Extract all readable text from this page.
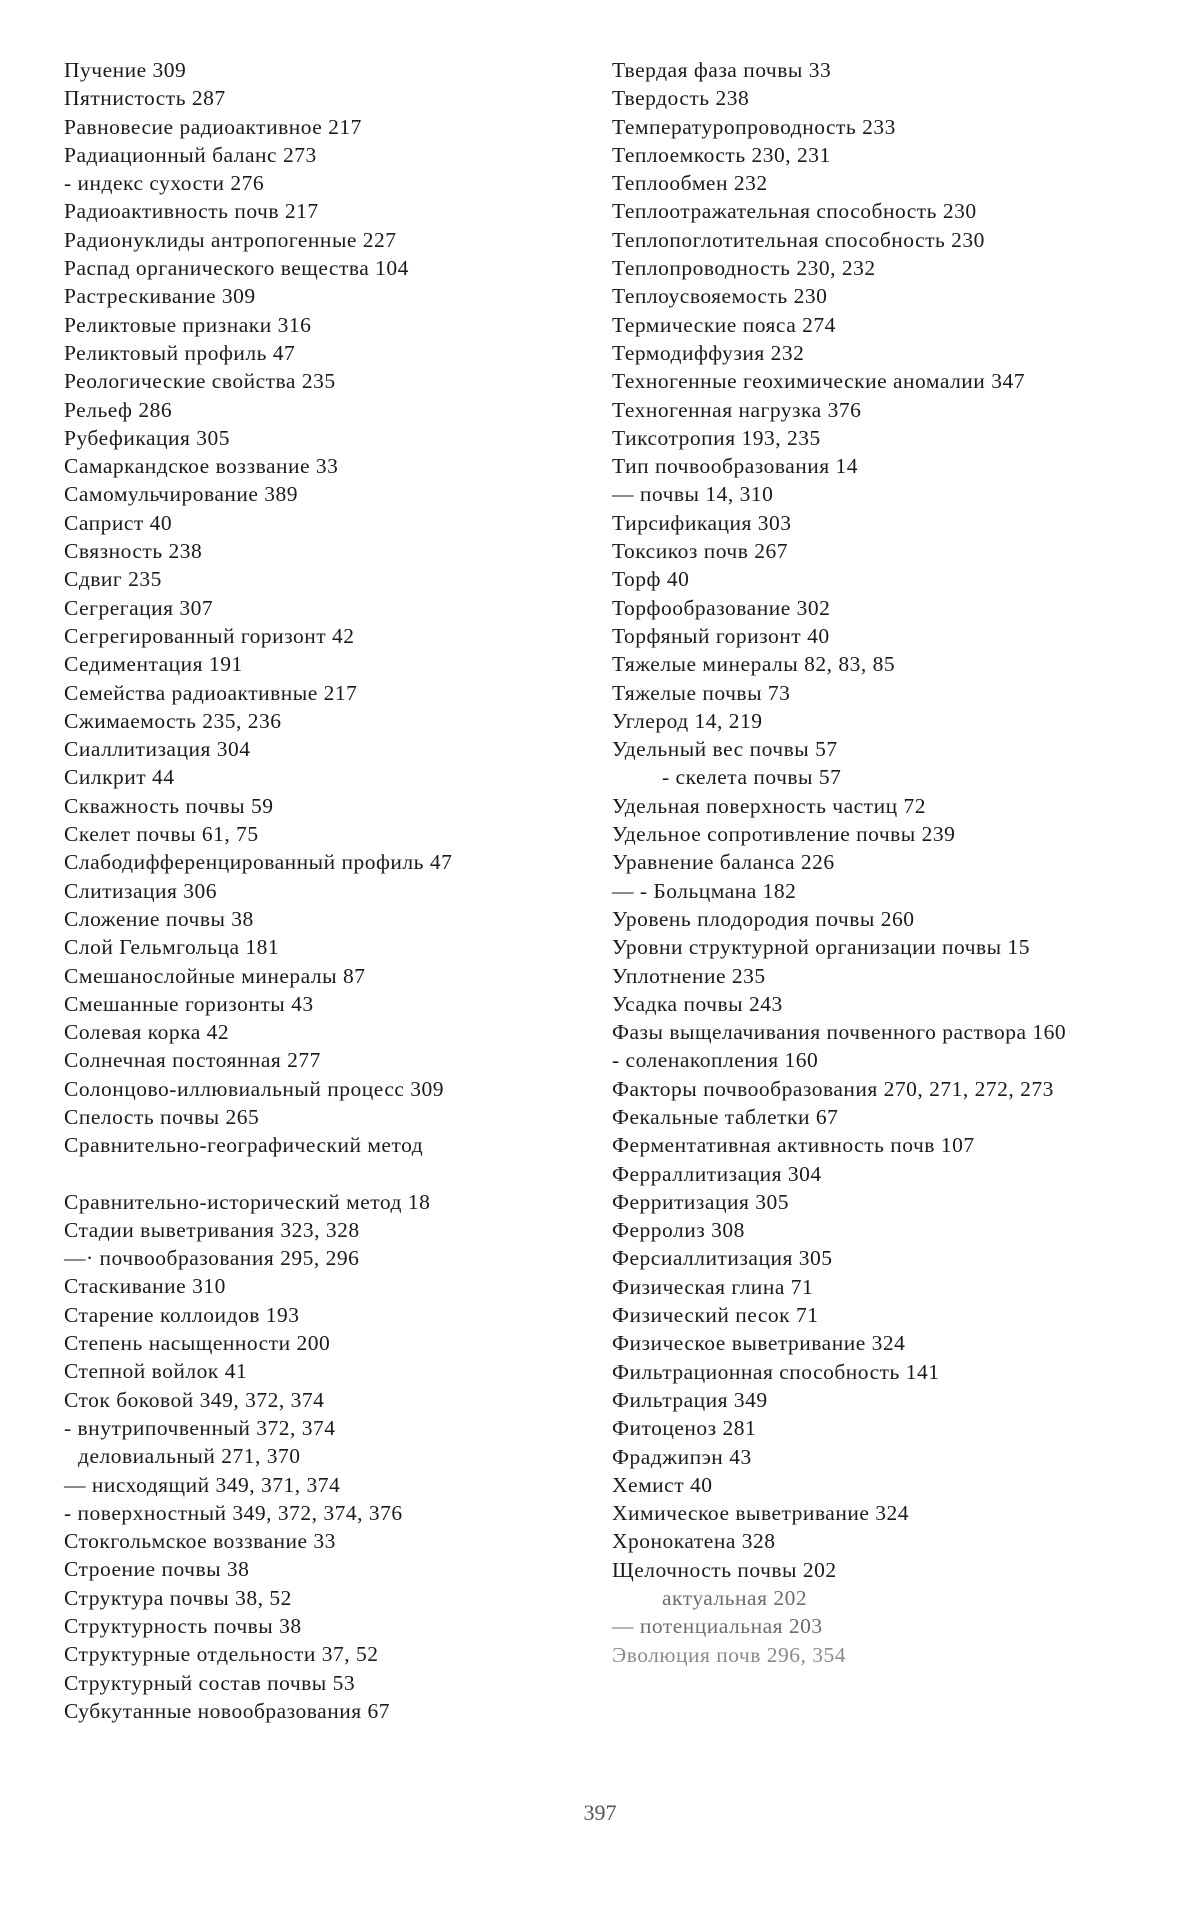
Пучение 309

Пятнистость 287

Равновесие радиоактивное 217

Радиационный баланс 273

- индекс сухости 276

Радиоактивность почв 217

Радионуклиды антропогенные 227

Распад органического вещества 104

Растрескивание 309

Реликтовые признаки 316

Реликтовый профиль 47

Реологические свойства 235

Рельеф 286

Рубефикация 305

Самаркандское воззвание 33

Самомульчирование 389

Саприст 40

Связность 238

Сдвиг 235

Сегрегация 307

Сегрегированный горизонт 42

Седиментация 191

Семейства радиоактивные 217

Сжимаемость 235, 236

Сиаллитизация 304

Силкрит 44

Скважность почвы 59

Скелет почвы 61, 75

Слабодифференцированный профиль 47

Слитизация 306

Сложение почвы 38

Слой Гельмгольца 181

Смешанослойные минералы 87

Смешанные горизонты 43

Солевая корка 42

Солнечная постоянная 277

Солонцово-иллювиальный процесс 309

Спелость почвы 265

Сравнительно-географический метод

Сравнительно-исторический метод 18

Стадии выветривания 323, 328

—· почвообразования 295, 296

Стаскивание 310

Старение коллоидов 193

Степень насыщенности 200

Степной войлок 41

Сток боковой 349, 372, 374

- внутрипочвенный 372, 374

деловиальный 271, 370

— нисходящий 349, 371, 374

- поверхностный 349, 372, 374, 376

Стокгольмское воззвание 33

Строение почвы 38

Структура почвы 38, 52

Структурность почвы 38

Структурные отдельности 37, 52

Структурный состав почвы 53

Субкутанные новообразования 67

Твердая фаза почвы 33

Твердость 238

Температуропроводность 233

Теплоемкость 230, 231

Теплообмен 232

Теплоотражательная способность 230

Теплопоглотительная способность 230

Теплопроводность 230, 232

Теплоусвояемость 230

Термические пояса 274

Термодиффузия 232

Техногенные геохимические аномалии 347

Техногенная нагрузка 376

Тиксотропия 193, 235

Тип почвообразования 14

— почвы 14, 310

Тирсификация 303

Токсикоз почв 267

Торф 40

Торфообразование 302

Торфяный горизонт 40

Тяжелые минералы 82, 83, 85

Тяжелые почвы 73

Углерод 14, 219

Удельный вес почвы 57

- скелета почвы 57

Удельная поверхность частиц 72

Удельное сопротивление почвы 239

Уравнение баланса 226

— - Больцмана 182

Уровень плодородия почвы 260

Уровни структурной организации почвы 15

Уплотнение 235

Усадка почвы 243

Фазы выщелачивания почвенного раствора 160

- соленакопления 160

Факторы почвообразования 270, 271, 272, 273

Фекальные таблетки 67

Ферментативная активность почв 107

Ферраллитизация 304

Ферритизация 305

Ферролиз 308

Ферсиаллитизация 305

Физическая глина 71

Физический песок 71

Физическое выветривание 324

Фильтрационная способность 141

Фильтрация 349

Фитоценоз 281

Фраджипэн 43

Хемист 40

Химическое выветривание 324

Хронокатена 328

Щелочность почвы 202

актуальная 202

— потенциальная 203

Эволюция почв 296, 354

397
